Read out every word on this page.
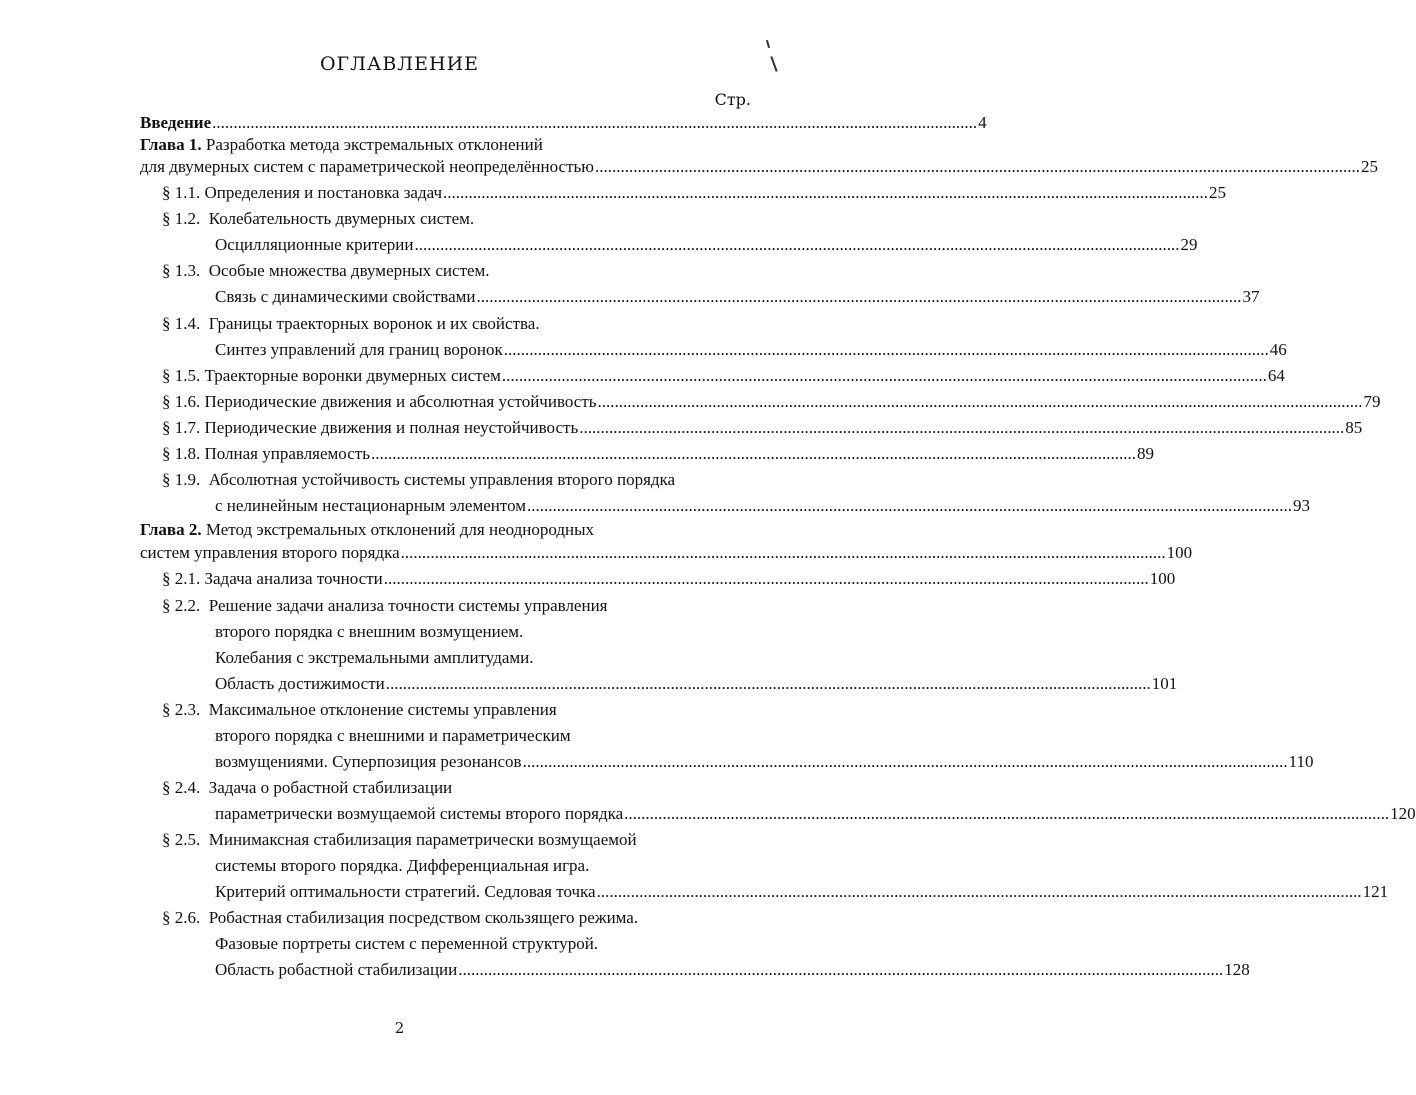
ОГЛАВЛЕНИЕ
Стр.
Введение .................................................................................................................................................................................... 4
Глава 1. Разработка метода экстремальных отклонений
для двумерных систем с параметрической неопределённостью .................................................................................................................................................................................... 25
§ 1.1.
Определения и постановка задач .................................................................................................................................................................................... 25
§ 1.2. Колебательность двумерных систем.
Осцилляционные критерии .................................................................................................................................................................................... 29
§ 1.3. Особые множества двумерных систем.
Связь с динамическими свойствами .................................................................................................................................................................................... 37
§ 1.4. Границы траекторных воронок и их свойства.
Синтез управлений для границ воронок .................................................................................................................................................................................... 46
§ 1.5.
Траекторные воронки двумерных систем .................................................................................................................................................................................... 64
§ 1.6.
Периодические движения и абсолютная устойчивость .................................................................................................................................................................................... 79
§ 1.7.
Периодические движения и полная неустойчивость .................................................................................................................................................................................... 85
§ 1.8.
Полная управляемость .................................................................................................................................................................................... 89
§ 1.9. Абсолютная устойчивость системы управления второго порядка
с нелинейным нестационарным элементом .................................................................................................................................................................................... 93
Глава 2. Метод экстремальных отклонений для неоднородных
систем управления второго порядка .................................................................................................................................................................................... 100
§ 2.1.
Задача анализа точности .................................................................................................................................................................................... 100
§ 2.2. Решение задачи анализа точности системы управления
второго порядка с внешним возмущением.
Колебания с экстремальными амплитудами.
Область достижимости .................................................................................................................................................................................... 101
§ 2.3. Максимальное отклонение системы управления
второго порядка с внешними и параметрическим
возмущениями. Суперпозиция резонансов .................................................................................................................................................................................... 110
§ 2.4. Задача о робастной стабилизации
параметрически возмущаемой системы второго порядка .................................................................................................................................................................................... 120
§ 2.5. Минимаксная стабилизация параметрически возмущаемой
системы второго порядка. Дифференциальная игра.
Критерий оптимальности стратегий. Седловая точка .................................................................................................................................................................................... 121
§ 2.6. Робастная стабилизация посредством скользящего режима.
Фазовые портреты систем с переменной структурой.
Область робастной стабилизации .................................................................................................................................................................................... 128
2
